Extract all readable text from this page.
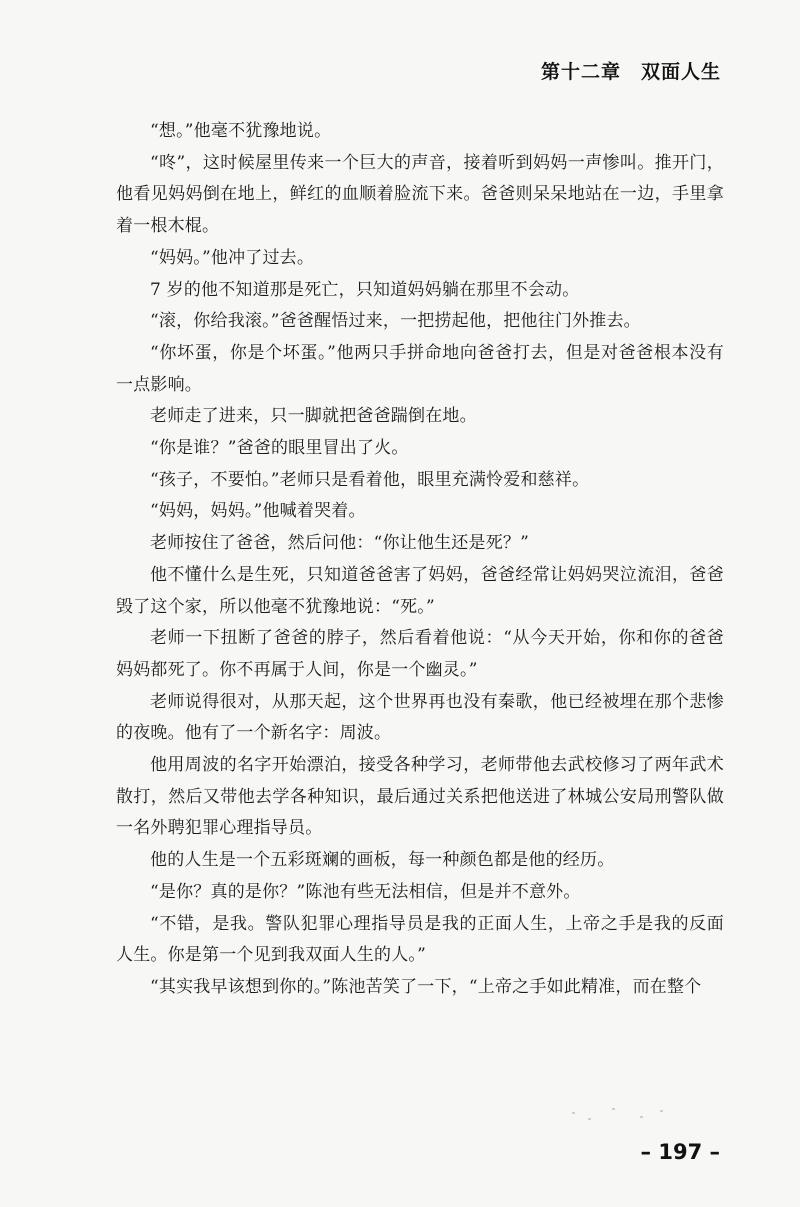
第十二章　双面人生

“想。”他毫不犹豫地说。

“咚”，这时候屋里传来一个巨大的声音，接着听到妈妈一声惨叫。推开门，他看见妈妈倒在地上，鲜红的血顺着脸流下来。爸爸则呆呆地站在一边，手里拿着一根木棍。

“妈妈。”他冲了过去。

7 岁的他不知道那是死亡，只知道妈妈躺在那里不会动。

“滚，你给我滚。”爸爸醒悟过来，一把捞起他，把他往门外推去。

“你坏蛋，你是个坏蛋。”他两只手拼命地向爸爸打去，但是对爸爸根本没有一点影响。

老师走了进来，只一脚就把爸爸踹倒在地。

“你是谁？”爸爸的眼里冒出了火。

“孩子，不要怕。”老师只是看着他，眼里充满怜爱和慈祥。

“妈妈，妈妈。”他喊着哭着。

老师按住了爸爸，然后问他：“你让他生还是死？”

他不懂什么是生死，只知道爸爸害了妈妈，爸爸经常让妈妈哭泣流泪，爸爸毁了这个家，所以他毫不犹豫地说：“死。”

老师一下扭断了爸爸的脖子，然后看着他说：“从今天开始，你和你的爸爸妈妈都死了。你不再属于人间，你是一个幽灵。”

老师说得很对，从那天起，这个世界再也没有秦歌，他已经被埋在那个悲惨的夜晚。他有了一个新名字：周波。

他用周波的名字开始漂泊，接受各种学习，老师带他去武校修习了两年武术散打，然后又带他去学各种知识，最后通过关系把他送进了林城公安局刑警队做一名外聘犯罪心理指导员。

他的人生是一个五彩斑斓的画板，每一种颜色都是他的经历。

“是你？真的是你？”陈池有些无法相信，但是并不意外。

“不错，是我。警队犯罪心理指导员是我的正面人生，上帝之手是我的反面人生。你是第一个见到我双面人生的人。”

“其实我早该想到你的。”陈池苦笑了一下，“上帝之手如此精准，而在整个

– 197 –
